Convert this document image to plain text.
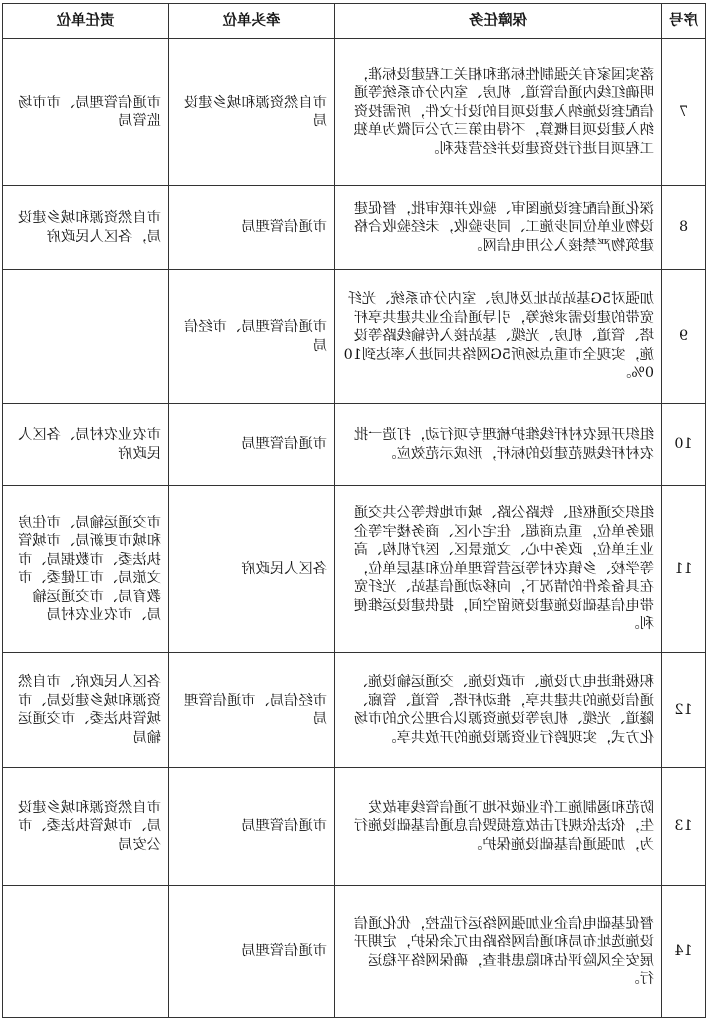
序号	保障任务	牵头单位	责任单位
7	落实国家有关强制性标准和相关工程建设标准，明确红线内通信管道、机房、室内分布系统等通信配套设施纳入建设项目的设计文件，所需投资纳入建设项目概算，不得由第三方公司微为单独工程项目进行投资建设并经营获利。	市自然资源和城乡建设局	市通信管理局、市市场监管局
8	深化通信配套设施图审、验收并联审批，督促建设物业单位同步施工、同步验收，未经验收合格建筑物严禁接入公用电信网。	市通信管理局	市自然资源和城乡建设局，各区人民政府
9	加强对5G基站站址及机房、室内分布系统、光纤宽带的建设需求统筹，引导通信企业共建共享杆塔、管道、机房、光缆、基站接入传输线路等设施，实现全市重点场所5G网络共同进入率达到100%。	市通信管理局、市经信局	
10	组织开展农村杆线维护梳理专项行动，打造一批农村杆线规范建设的标杆，形成示范效应。	市通信管理局	市农业农村局、各区人民政府
11	组织交通枢纽、铁路公路、城市地铁等公共交通服务单位，重点商超、住宅小区、商务楼宇等企业主单位，政务中心、文旅景区、医疗机构、高等学校、乡镇农村等运营管理单位和基层单位，在具备条件的情况下，向移动通信基站、光纤宽带电信基础设施建设预留空间，提供建设运维便利。	各区人民政府	市交通运输局、市住房和城市更新局、市城管执法委、市数据局、市文旅局、市卫健委、市教育局、市交通运输局、市农业农村局
12	积极推进电力设施、市政设施、交通运输设施、通信设施的共建共享，推动杆塔、管道、管廊、隧道、光缆、机房等设施资源以合理公允的市场化方式，实现跨行业资源设施的开放共享。	市经信局、市通信管理局	各区人民政府、市自然资源和城乡建设局、市城管执法委、市交通运输局
13	防范和遏制施工作业破坏地下通信管线事故发生，依法依规打击故意损毁信息通信基础设施行为，加强通信基础设施保护。	市通信管理局	市自然资源和城乡建设局、市城管执法委、市公安局
14	督促基础电信企业加强网络运行监控，优化通信设施选址布局和通信网络路由冗余保护，定期开展安全风险评估和隐患排查，确保网络平稳运行。	市通信管理局	
